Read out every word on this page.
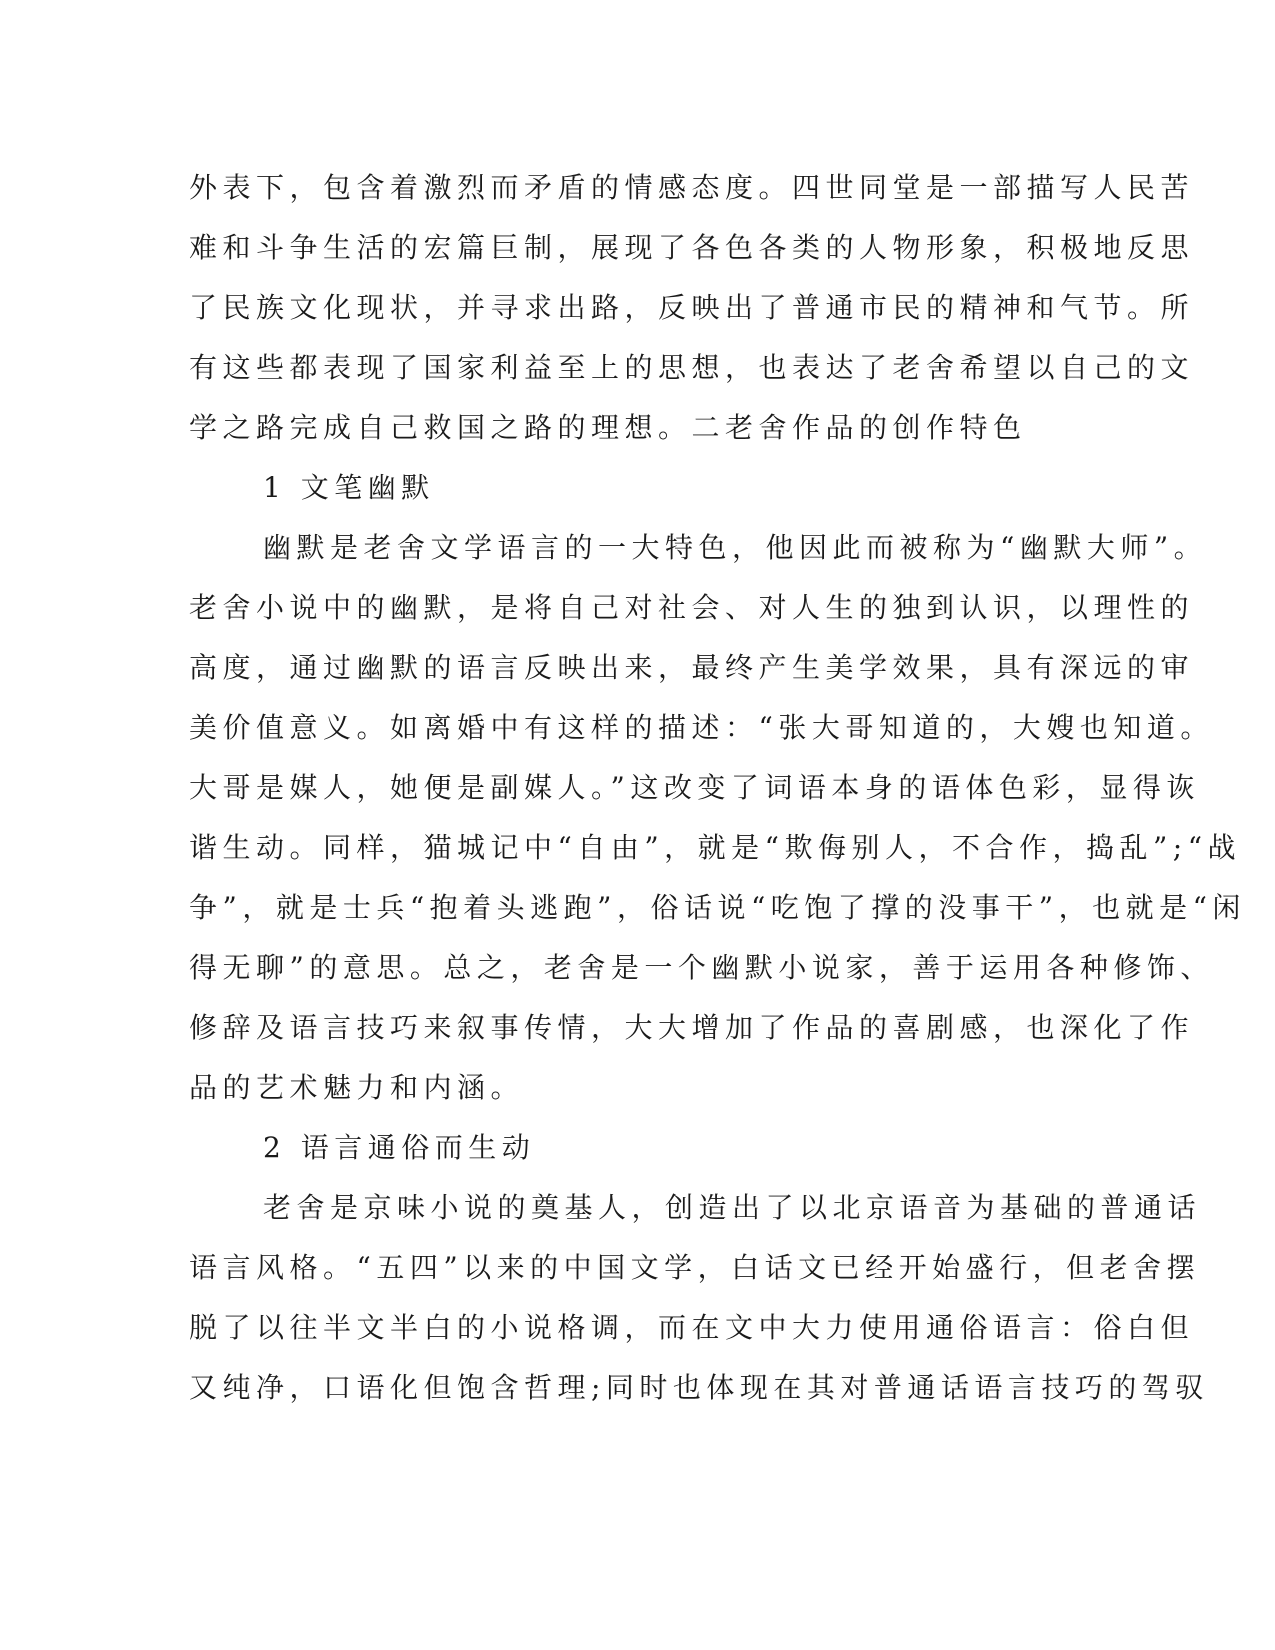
外表下，包含着激烈而矛盾的情感态度。四世同堂是一部描写人民苦
难和斗争生活的宏篇巨制，展现了各色各类的人物形象，积极地反思
了民族文化现状，并寻求出路，反映出了普通市民的精神和气节。所
有这些都表现了国家利益至上的思想，也表达了老舍希望以自己的文
学之路完成自己救国之路的理想。二老舍作品的创作特色
1 文笔幽默
幽默是老舍文学语言的一大特色，他因此而被称为“幽默大师”。
老舍小说中的幽默，是将自己对社会、对人生的独到认识，以理性的
高度，通过幽默的语言反映出来，最终产生美学效果，具有深远的审
美价值意义。如离婚中有这样的描述：“张大哥知道的，大嫂也知道。
大哥是媒人，她便是副媒人。”这改变了词语本身的语体色彩，显得诙
谐生动。同样，猫城记中“自由”，就是“欺侮别人，不合作，捣乱”;“战
争”，就是士兵“抱着头逃跑”，俗话说“吃饱了撑的没事干”，也就是“闲
得无聊”的意思。总之，老舍是一个幽默小说家，善于运用各种修饰、
修辞及语言技巧来叙事传情，大大增加了作品的喜剧感，也深化了作
品的艺术魅力和内涵。
2 语言通俗而生动
老舍是京味小说的奠基人，创造出了以北京语音为基础的普通话
语言风格。“五四”以来的中国文学，白话文已经开始盛行，但老舍摆
脱了以往半文半白的小说格调，而在文中大力使用通俗语言：俗白但
又纯净，口语化但饱含哲理;同时也体现在其对普通话语言技巧的驾驭
